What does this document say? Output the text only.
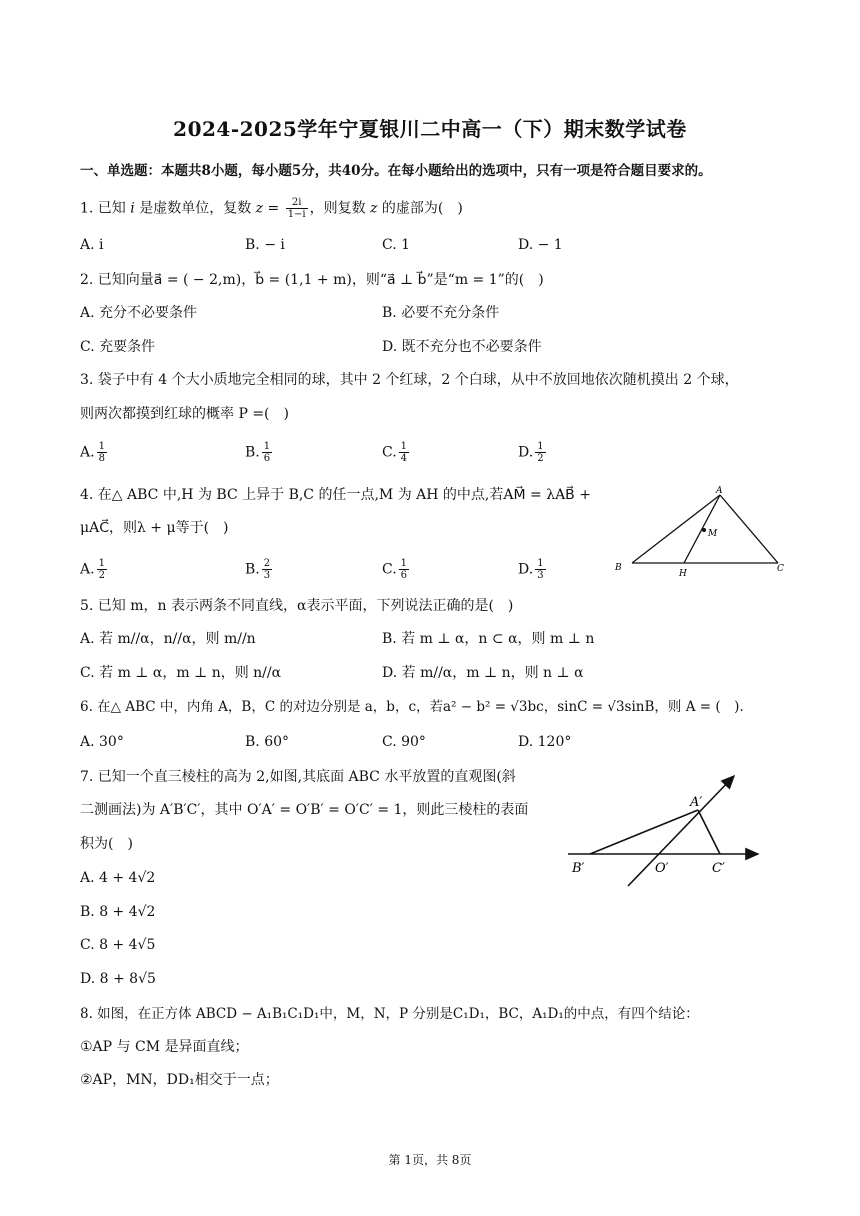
2024-2025学年宁夏银川二中高一（下）期末数学试卷
一、单选题：本题共8小题，每小题5分，共40分。在每小题给出的选项中，只有一项是符合题目要求的。
1. 已知 i 是虚数单位，复数 $z = \frac{2i}{1-i}$ ，则复数 z 的虚部为(　)
A. i	B. − i	C. 1	D. − 1
2. 已知向量a⃗ = ( − 2,m)，b⃗ = (1,1 + m)，则“a⃗ ⊥ b⃗”是“m = 1”的(　)
A. 充分不必要条件	B. 必要不充分条件
C. 充要条件	D. 既不充分也不必要条件
3. 袋子中有 4 个大小质地完全相同的球，其中 2 个红球，2 个白球，从中不放回地依次随机摸出 2 个球，
则两次都摸到红球的概率 P =(　)
A. $\frac{1}{8}$	B. $\frac{1}{6}$	C. $\frac{1}{4}$	D. $\frac{1}{2}$
4. 在△ ABC 中,H 为 BC 上异于 B,C 的任一点,M 为 AH 的中点,若AM⃗ = λAB⃗ +
μAC⃗，则λ + μ等于(　)
A. $\frac{1}{2}$	B. $\frac{2}{3}$	C. $\frac{1}{6}$	D. $\frac{1}{3}$
A
B	C
H
M
5. 已知 m，n 表示两条不同直线，α表示平面，下列说法正确的是(　)
A. 若 m//α，n//α，则 m//n	B. 若 m ⊥ α，n ⊂ α，则 m ⊥ n
C. 若 m ⊥ α，m ⊥ n，则 n//α	D. 若 m//α，m ⊥ n，则 n ⊥ α
6. 在△ ABC 中，内角 A，B，C 的对边分别是 a，b，c，若a² − b² = √3bc，sinC = √3sinB，则 A = (　).
A. 30°	B. 60°	C. 90°	D. 120°
7. 已知一个直三棱柱的高为 2,如图,其底面 ABC 水平放置的直观图(斜
二测画法)为 A′B′C′，其中 O′A′ = O′B′ = O′C′ = 1，则此三棱柱的表面
积为(　)
A. 4 + 4√2
B. 8 + 4√2
C. 8 + 4√5
D. 8 + 8√5
A′
B′	O′	C′
8. 如图，在正方体 ABCD − A₁B₁C₁D₁中，M，N，P 分别是C₁D₁，BC，A₁D₁的中点，有四个结论：
①AP 与 CM 是异面直线；
②AP，MN，DD₁相交于一点；
第 1页，共 8页
